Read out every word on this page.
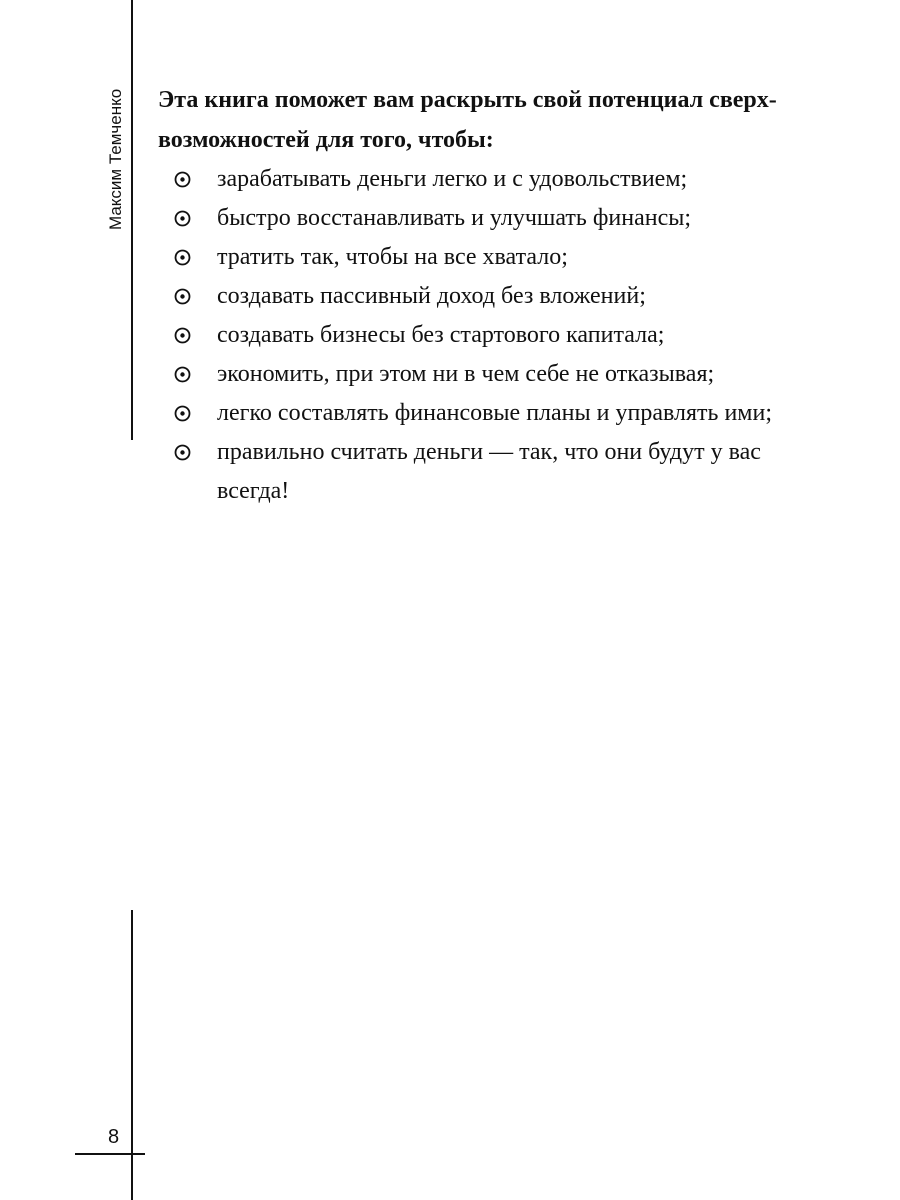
Максим Темченко
8

Эта книга поможет вам раскрыть свой потенциал сверхвозможностей для того, чтобы:

зарабатывать деньги легко и с удовольствием;
быстро восстанавливать и улучшать финансы;
тратить так, чтобы на все хватало;
создавать пассивный доход без вложений;
создавать бизнесы без стартового капитала;
экономить, при этом ни в чем себе не отказывая;
легко составлять финансовые планы и управлять ими;
правильно считать деньги — так, что они будут у вас всегда!
